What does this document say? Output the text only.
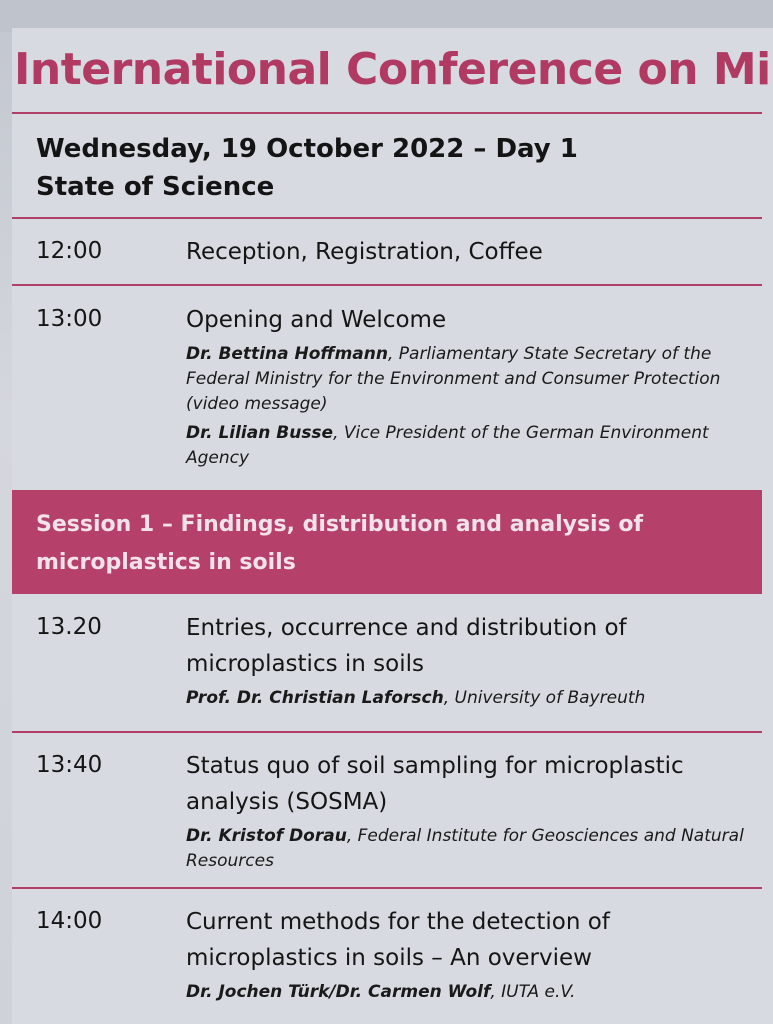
International Conference on Mi
Wednesday, 19 October 2022 – Day 1
State of Science
12:00	Reception, Registration, Coffee
13:00	Opening and Welcome
Dr. Bettina Hoffmann, Parliamentary State Secretary of the Federal Ministry for the Environment and Consumer Protection (video message)
Dr. Lilian Busse, Vice President of the German Environment Agency
Session 1 – Findings, distribution and analysis of microplastics in soils
13.20	Entries, occurrence and distribution of microplastics in soils
Prof. Dr. Christian Laforsch, University of Bayreuth
13:40	Status quo of soil sampling for microplastic analysis (SOSMA)
Dr. Kristof Dorau, Federal Institute for Geosciences and Natural Resources
14:00	Current methods for the detection of microplastics in soils – An overview
Dr. Jochen Türk/Dr. Carmen Wolf, IUTA e.V.
